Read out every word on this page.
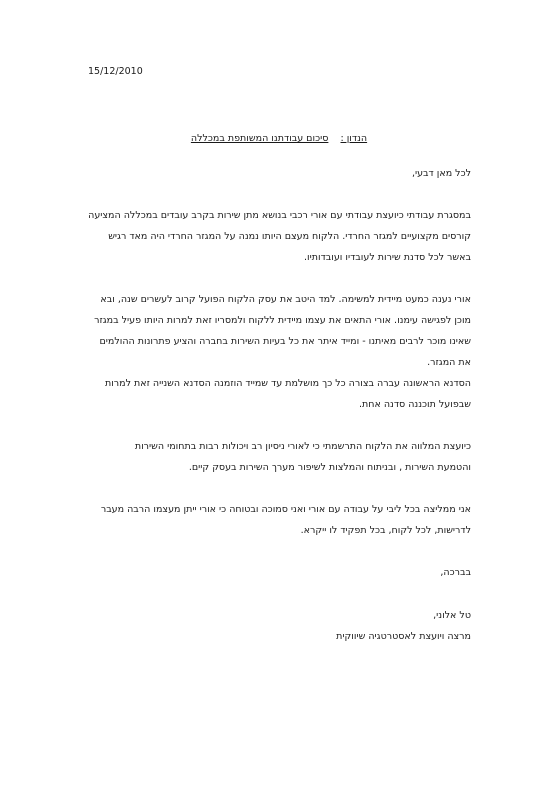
15/12/2010
הנדון :    סיכום עבודתנו המשותפת במכללה

לכל מאן דבעי,

במסגרת עבודתי כיועצת עבודתי עם אורי רכבי בנושא מתן שירות בקרב עובדים במכללה המציעה
קורסים מקצועיים למגזר החרדי. הלקוח מעצם היותו נמנה על המגזר החרדי היה מאד רגיש
באשר לכל סדנת שירות לעובדיו ועובדותיו.
אורי נענה כמעט מיידית למשימה. למד היטב את עסק הלקוח הפועל קרוב לעשרים שנה, ובא
מוכן לפגישה עימנו. אורי התאים את עצמו מיידית ללקוח ולמסריו זאת למרות היותו פעיל במגזר
שאינו מוכר לרבים מאיתנו - ומייד איתר את כל בעיות השירות בחברה והציע פתרונות ההולמים
את המגזר.
הסדנא הראשונה עברה בצורה כל כך מושלמת עד שמייד הוזמנה הסדנא השנייה זאת למרות
שבפועל תוכננה סדנה אחת.
כיועצת המלווה את הלקוח התרשמתי כי לאורי ניסיון רב ויכולות רבות בתחומי השירות
והטמעת השירות , ובניתוח והמלצות לשיפור מערך השירות בעסק קיים.
אני ממליצה בכל ליבי על עבודה עם אורי ואני סמוכה ובטוחה כי אורי ייתן מעצמו הרבה מעבר
לדרישות, לכל לקוח, בכל תפקיד לו ייקרא.

בברכה,

טל אלוני,

מרצה ויועצת לאסטרטגיה שיווקית
